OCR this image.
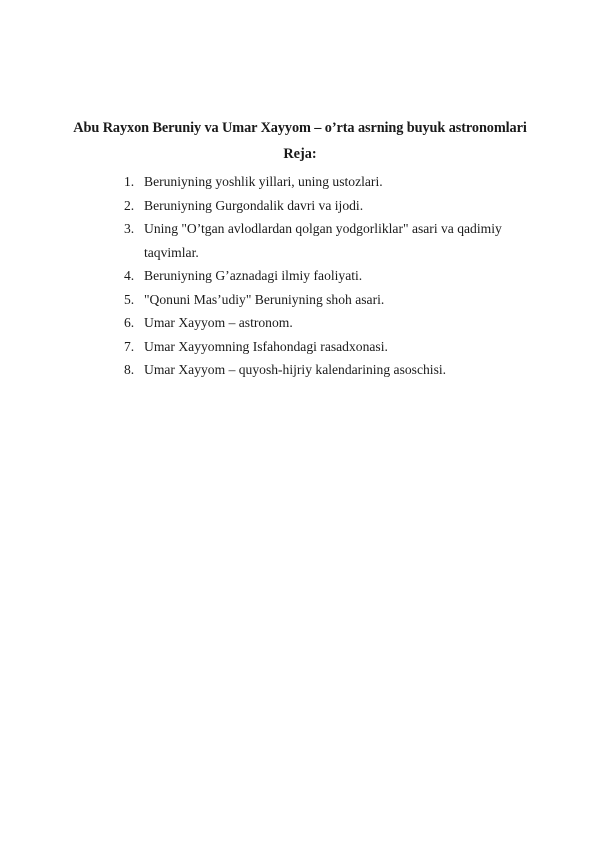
Abu Rayxon Beruniy va Umar Xayyom – o’rta asrning buyuk astronomlari
Reja:
1. Beruniyning yoshlik yillari, uning ustozlari.
2. Beruniyning Gurgondalik davri va ijodi.
3. Uning "O’tgan avlodlardan qolgan yodgorliklar" asari va qadimiy taqvimlar.
4. Beruniyning G’aznadagi ilmiy faoliyati.
5. "Qonuni Mas’udiy" Beruniyning shoh asari.
6. Umar Xayyom – astronom.
7. Umar Xayyomning Isfahondagi rasadxonasi.
8. Umar Xayyom – quyosh-hijriy kalendarining asoschisi.
